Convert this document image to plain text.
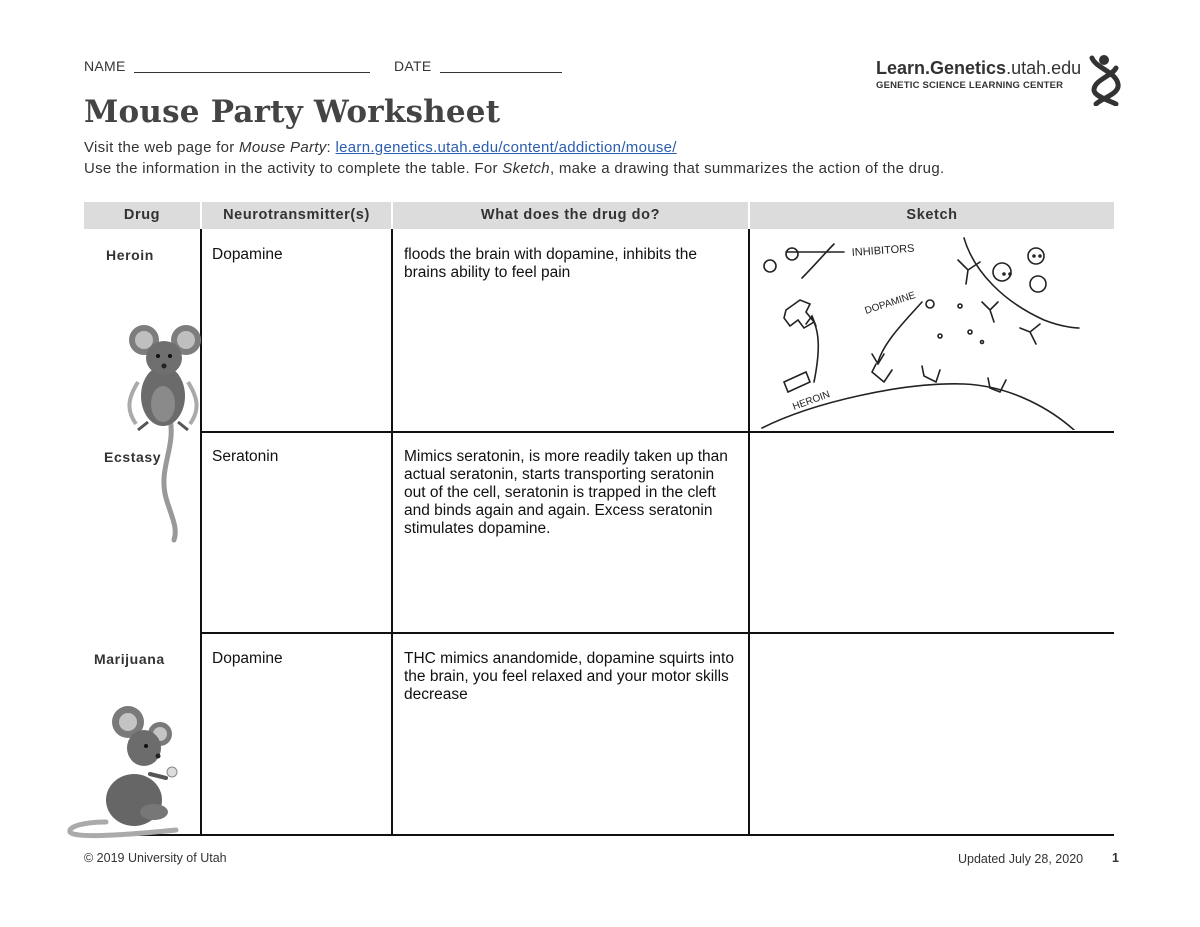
NAME	DATE	Learn.Genetics.utah.edu
GENETIC SCIENCE LEARNING CENTER
Mouse Party Worksheet
Visit the web page for Mouse Party: learn.genetics.utah.edu/content/addiction/mouse/
Use the information in the activity to complete the table. For Sketch, make a drawing that summarizes the action of the drug.
Drug	Neurotransmitter(s)	What does the drug do?	Sketch
Heroin	Dopamine	floods the brain with dopamine, inhibits the brains ability to feel pain
INHIBITORS
DOPAMINE
HEROIN
Ecstasy	Seratonin	Mimics seratonin, is more readily taken up than actual seratonin, starts transporting seratonin out of the cell, seratonin is trapped in the cleft and binds again and again. Excess seratonin stimulates dopamine.
Marijuana	Dopamine	THC mimics anandomide, dopamine squirts into the brain, you feel relaxed and your motor skills decrease
© 2019 University of Utah	Updated July 28, 2020 1
